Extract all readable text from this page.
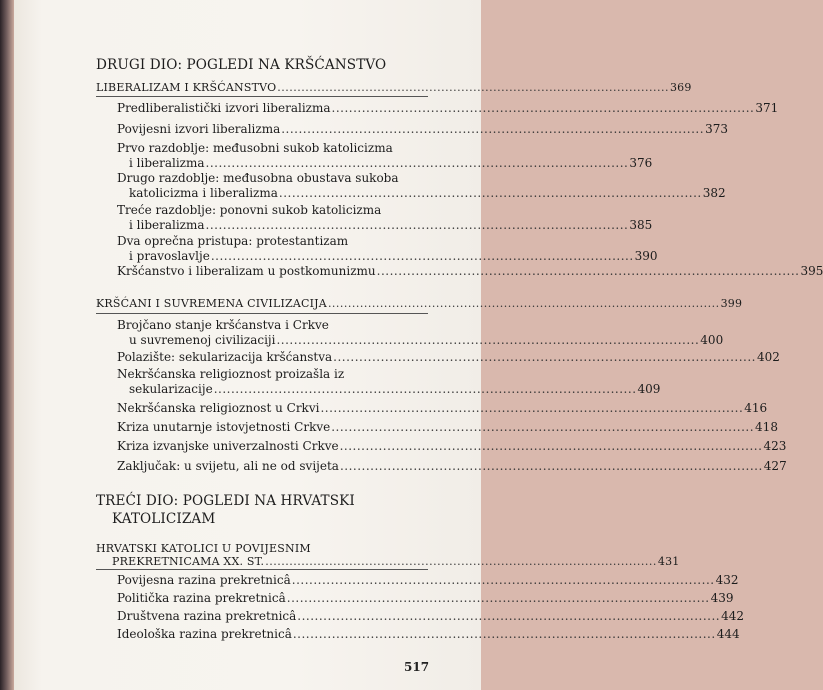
DRUGI DIO: POGLEDI NA KRŠĆANSTVO
LIBERALIZAM I KRŠĆANSTVO .................................................................................................. 369
Predliberalistički izvori liberalizma .................................................................................................. 371
Povijesni izvori liberalizma .................................................................................................. 373
Prvo razdoblje: međusobni sukob katolicizma
i liberalizma .................................................................................................. 376
Drugo razdoblje: međusobna obustava sukoba
katolicizma i liberalizma .................................................................................................. 382
Treće razdoblje: ponovni sukob katolicizma
i liberalizma .................................................................................................. 385
Dva oprečna pristupa: protestantizam
i pravoslavlje .................................................................................................. 390
Kršćanstvo i liberalizam u postkomunizmu .................................................................................................. 395
KRŠĆANI I SUVREMENA CIVILIZACIJA .................................................................................................. 399
Brojčano stanje kršćanstva i Crkve
u suvremenoj civilizaciji .................................................................................................. 400
Polazište: sekularizacija kršćanstva .................................................................................................. 402
Nekršćanska religioznost proizašla iz
sekularizacije .................................................................................................. 409
Nekršćanska religioznost u Crkvi .................................................................................................. 416
Kriza unutarnje istovjetnosti Crkve .................................................................................................. 418
Kriza izvanjske univerzalnosti Crkve .................................................................................................. 423
Zaključak: u svijetu, ali ne od svijeta .................................................................................................. 427
TREĆI DIO: POGLEDI NA HRVATSKI
KATOLICIZAM
HRVATSKI KATOLICI U POVIJESNIM
PREKRETNICAMA XX. ST. .................................................................................................. 431
Povijesna razina prekretnicâ .................................................................................................. 432
Politička razina prekretnicâ .................................................................................................. 439
Društvena razina prekretnicâ .................................................................................................. 442
Ideološka razina prekretnicâ .................................................................................................. 444
517
